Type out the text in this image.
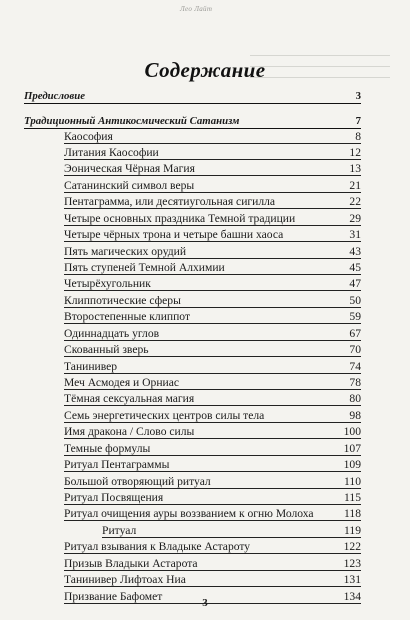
Лео Лайт
Содержание
Предисловие	3
Традиционный Антикосмический Сатанизм	7
Каософия	8
Литания Каософии	12
Эоническая Чёрная Магия	13
Сатанинский символ веры	21
Пентаграмма, или десятиугольная сигилла	22
Четыре основных праздника Темной традиции	29
Четыре чёрных трона и четыре башни хаоса	31
Пять магических орудий	43
Пять ступеней Темной Алхимии	45
Четырёхугольник	47
Клиппотические сферы	50
Второстепенные клиппот	59
Одиннадцать углов	67
Скованный зверь	70
Танинивер	74
Меч Асмодея и Орниас	78
Тёмная сексуальная магия	80
Семь энергетических центров силы тела	98
Имя дракона / Слово силы	100
Темные формулы	107
Ритуал Пентаграммы	109
Большой отворяющий ритуал	110
Ритуал Посвящения	115
Ритуал очищения ауры воззванием к огню Молоха	118
Ритуал	119
Ритуал взывания к Владыке Астароту	122
Призыв Владыки Астарота	123
Танинивер Лифтоах Ниа	131
Призвание Бафомет	134
3
